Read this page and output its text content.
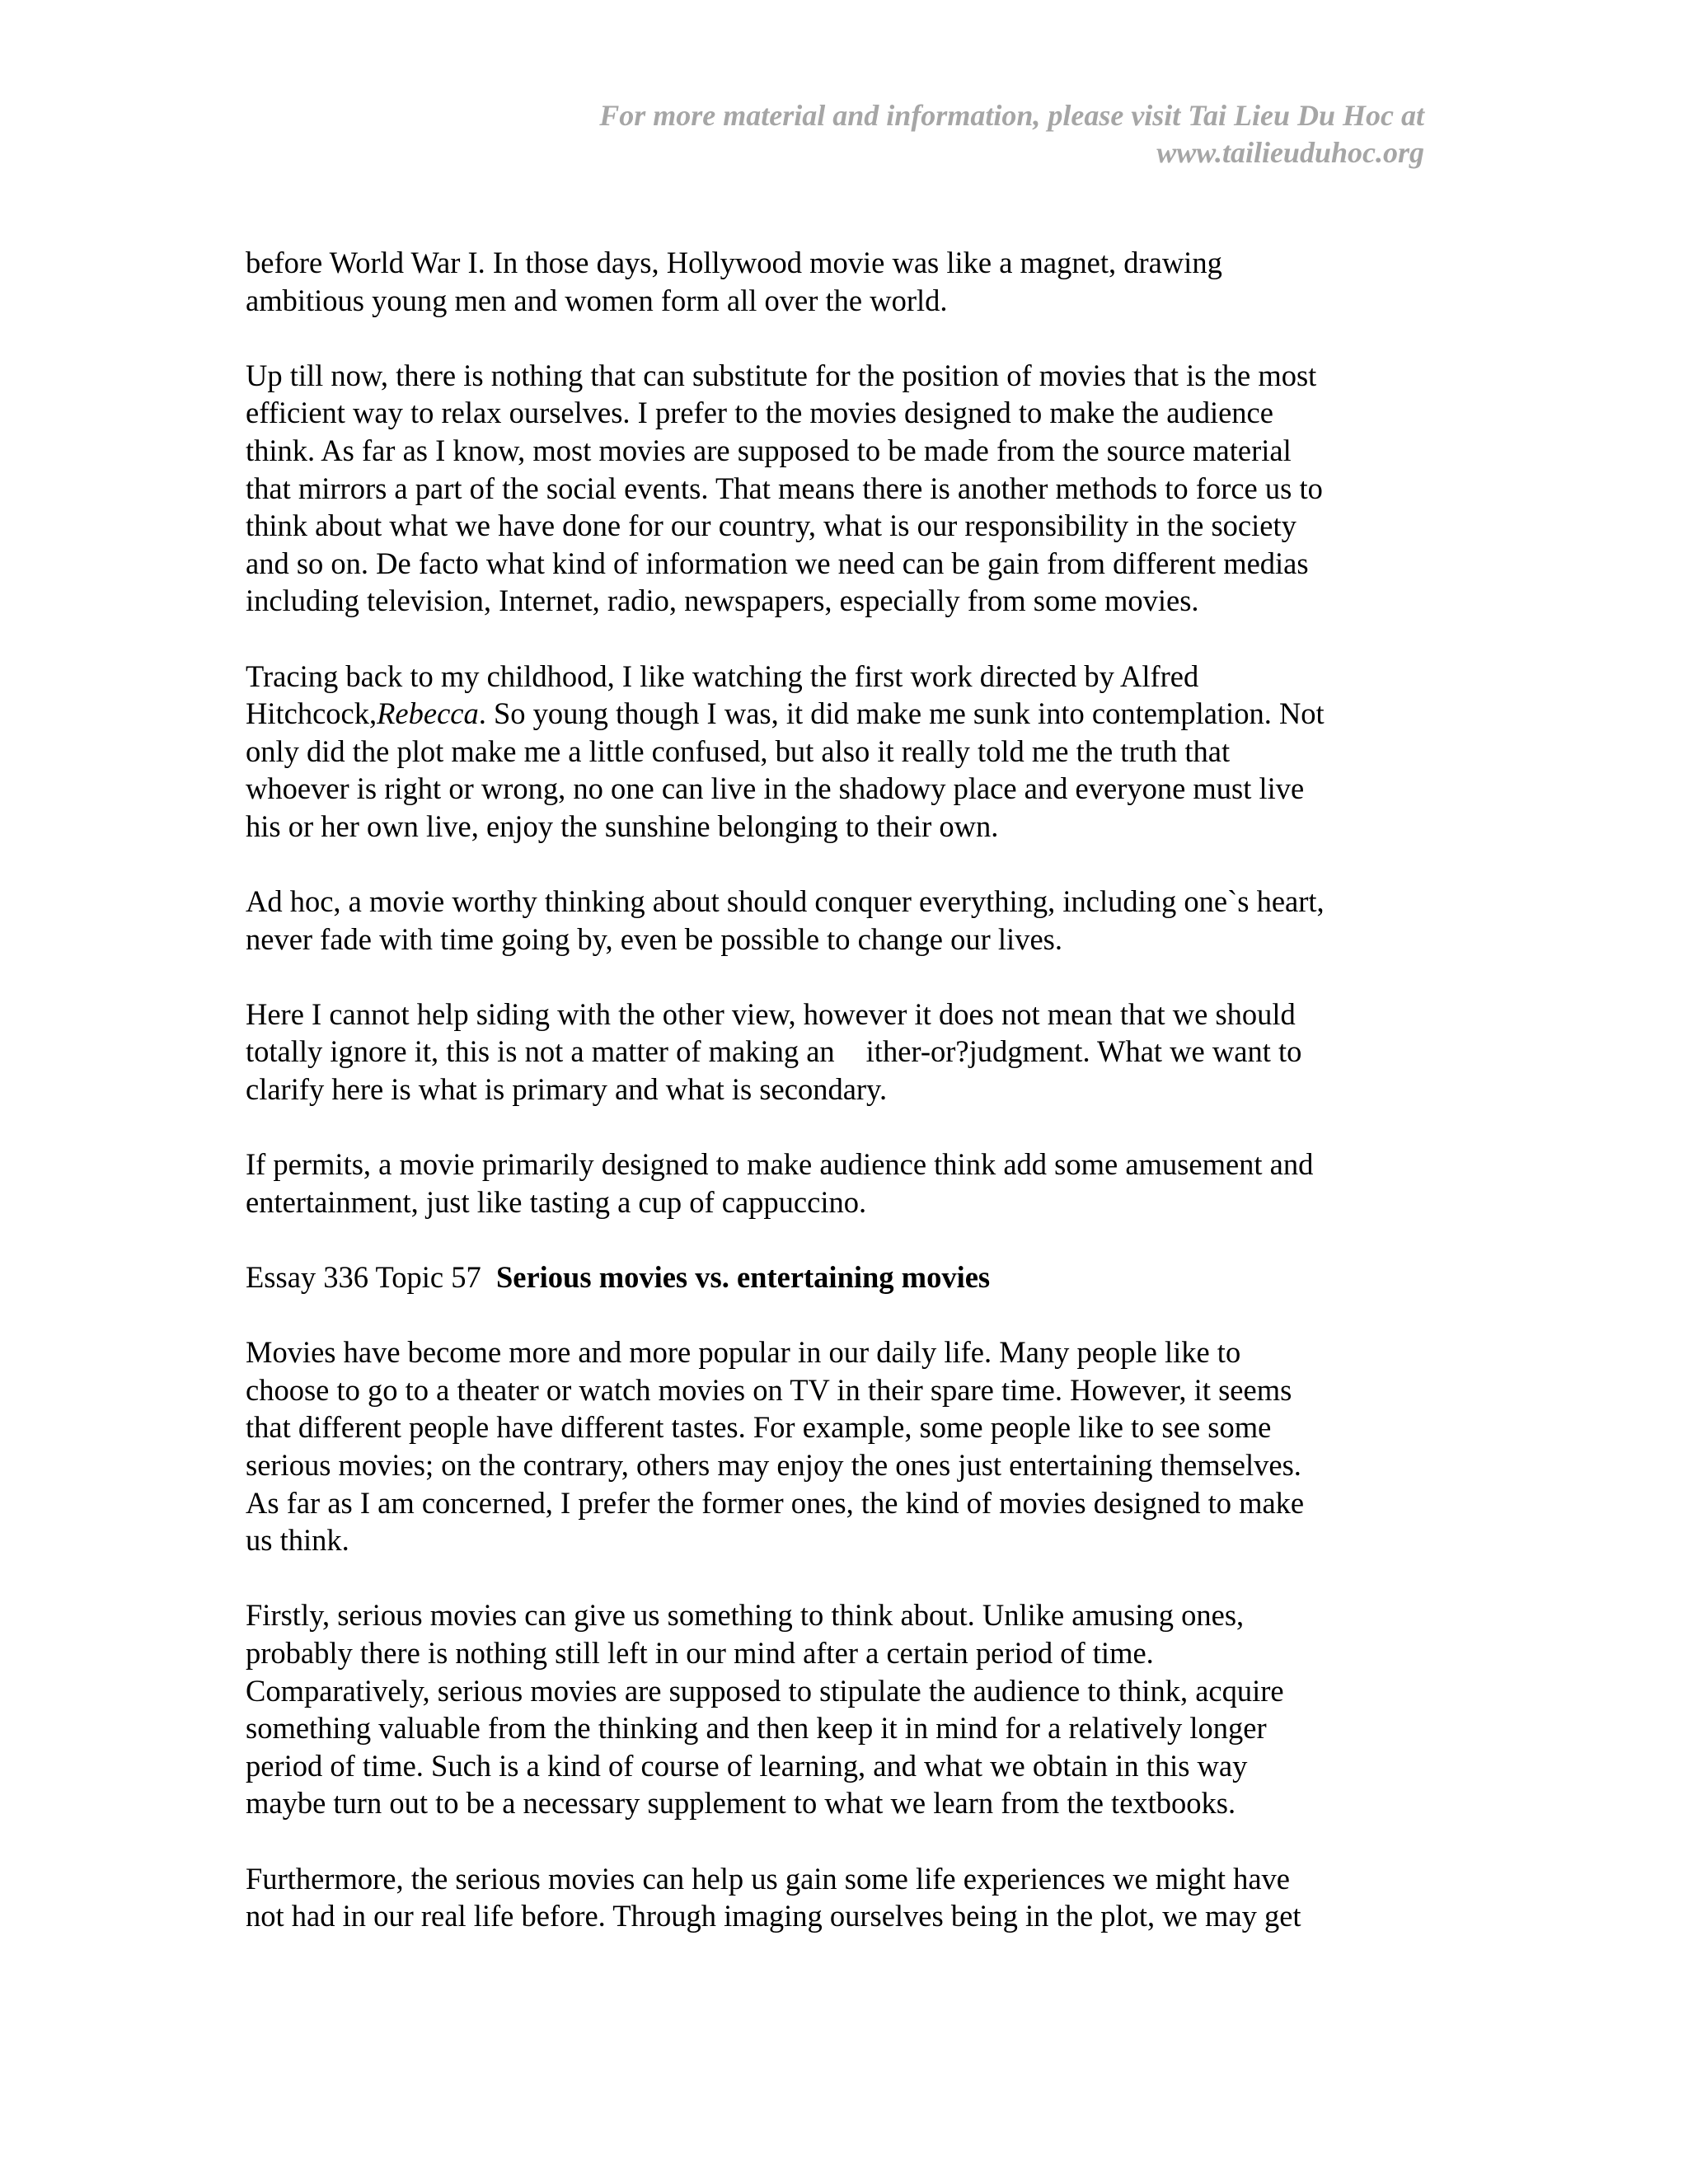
For more material and information, please visit Tai Lieu Du Hoc at
www.tailieuduhoc.org

before World War I. In those days, Hollywood movie was like a magnet, drawing
ambitious young men and women form all over the world.

Up till now, there is nothing that can substitute for the position of movies that is the most
efficient way to relax ourselves. I prefer to the movies designed to make the audience
think. As far as I know, most movies are supposed to be made from the source material
that mirrors a part of the social events. That means there is another methods to force us to
think about what we have done for our country, what is our responsibility in the society
and so on. De facto what kind of information we need can be gain from different medias
including television, Internet, radio, newspapers, especially from some movies.

Tracing back to my childhood, I like watching the first work directed by Alfred
Hitchcock,Rebecca. So young though I was, it did make me sunk into contemplation. Not
only did the plot make me a little confused, but also it really told me the truth that
whoever is right or wrong, no one can live in the shadowy place and everyone must live
his or her own live, enjoy the sunshine belonging to their own.

Ad hoc, a movie worthy thinking about should conquer everything, including one`s heart,
never fade with time going by, even be possible to change our lives.

Here I cannot help siding with the other view, however it does not mean that we should
totally ignore it, this is not a matter of making an ither-or?judgment. What we want to
clarify here is what is primary and what is secondary.

If permits, a movie primarily designed to make audience think add some amusement and
entertainment, just like tasting a cup of cappuccino.

Essay 336 Topic 57 Serious movies vs. entertaining movies

Movies have become more and more popular in our daily life. Many people like to
choose to go to a theater or watch movies on TV in their spare time. However, it seems
that different people have different tastes. For example, some people like to see some
serious movies; on the contrary, others may enjoy the ones just entertaining themselves.
As far as I am concerned, I prefer the former ones, the kind of movies designed to make
us think.

Firstly, serious movies can give us something to think about. Unlike amusing ones,
probably there is nothing still left in our mind after a certain period of time.
Comparatively, serious movies are supposed to stipulate the audience to think, acquire
something valuable from the thinking and then keep it in mind for a relatively longer
period of time. Such is a kind of course of learning, and what we obtain in this way
maybe turn out to be a necessary supplement to what we learn from the textbooks.

Furthermore, the serious movies can help us gain some life experiences we might have
not had in our real life before. Through imaging ourselves being in the plot, we may get
